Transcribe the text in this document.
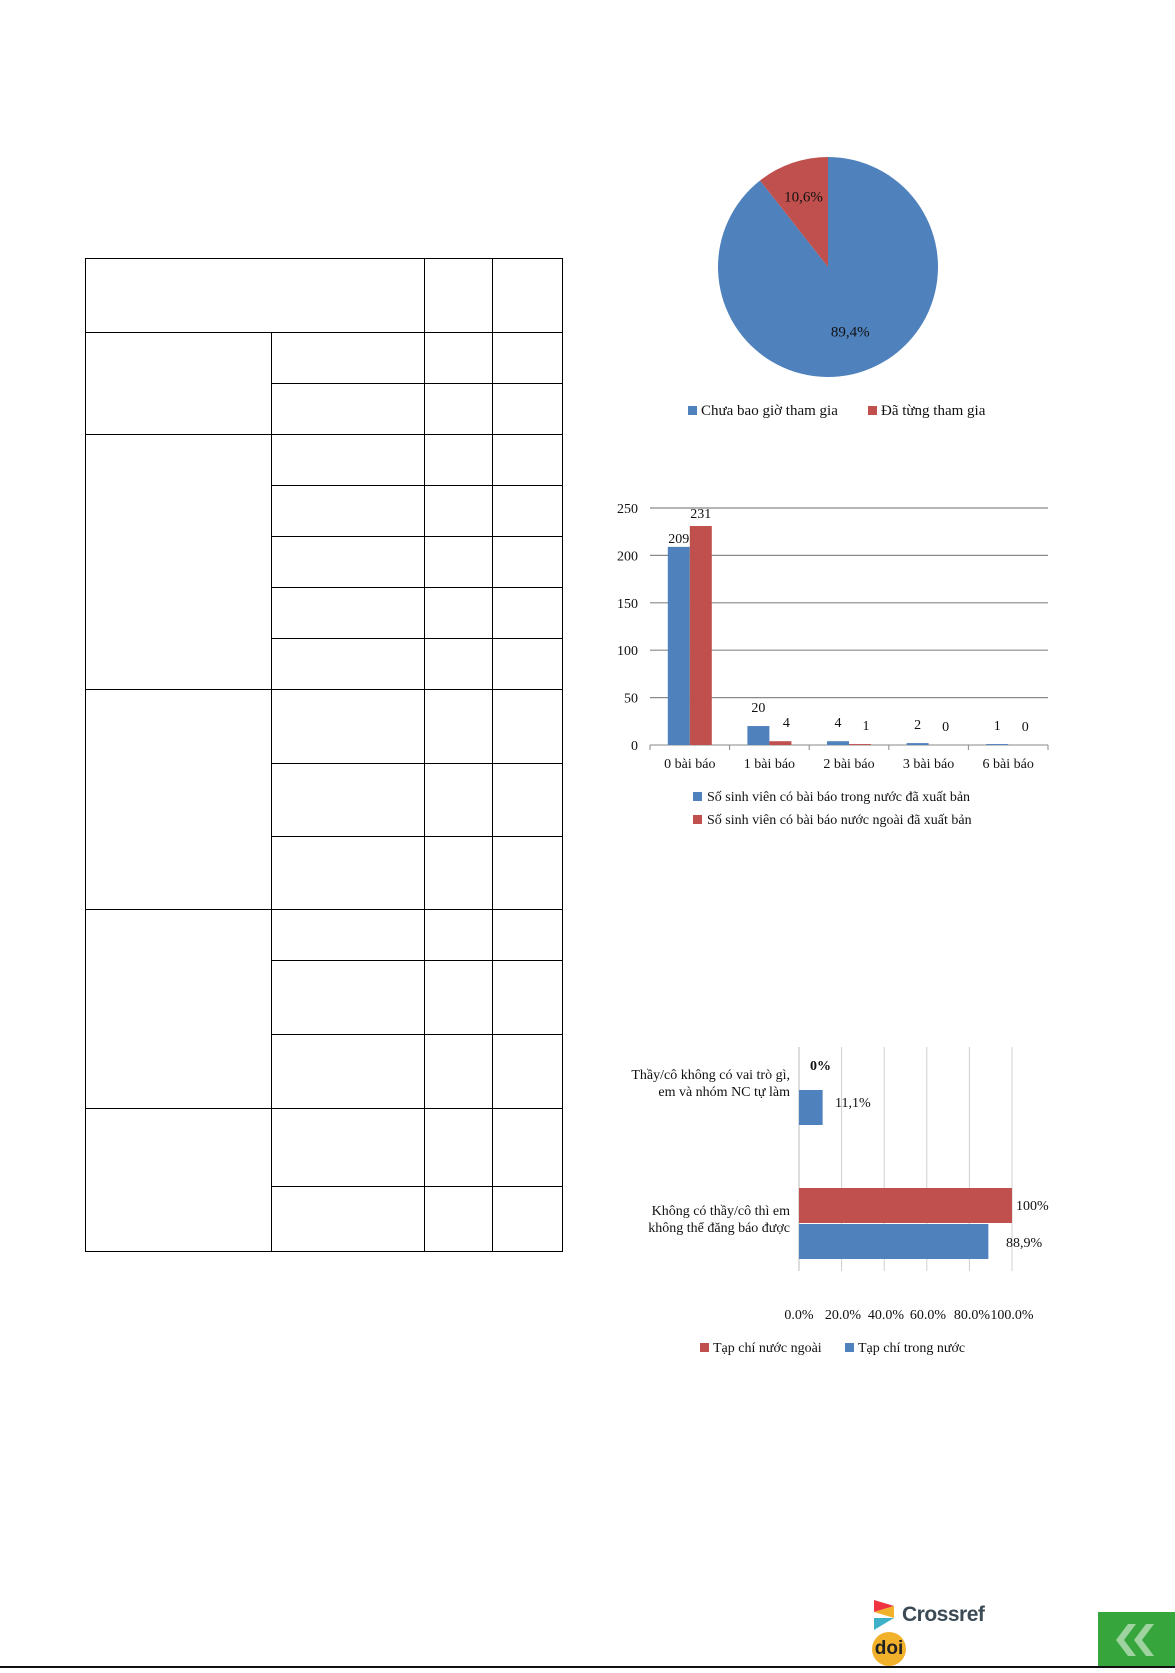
89,4%
10,6%
Chưa bao giờ tham gia	Đã từng tham gia
0
50
100
150
200
250
209
231
0 bài báo
20
4
1 bài báo
4 1
2 bài báo
2 0
3 bài báo
1 0
6 bài báo
Số sinh viên có bài báo trong nước đã xuất bản
Số sinh viên có bài báo nước ngoài đã xuất bản
0.0% 20.0% 40.0% 60.0% 80.0% 100.0%
Thầy/cô không có vai trò gì,
em và nhóm NC tự làm
0%
11,1%
Không có thầy/cô thì em
không thể đăng báo được
100%
88,9%
Tạp chí nước ngoài	Tạp chí trong nước
Crossref doi
